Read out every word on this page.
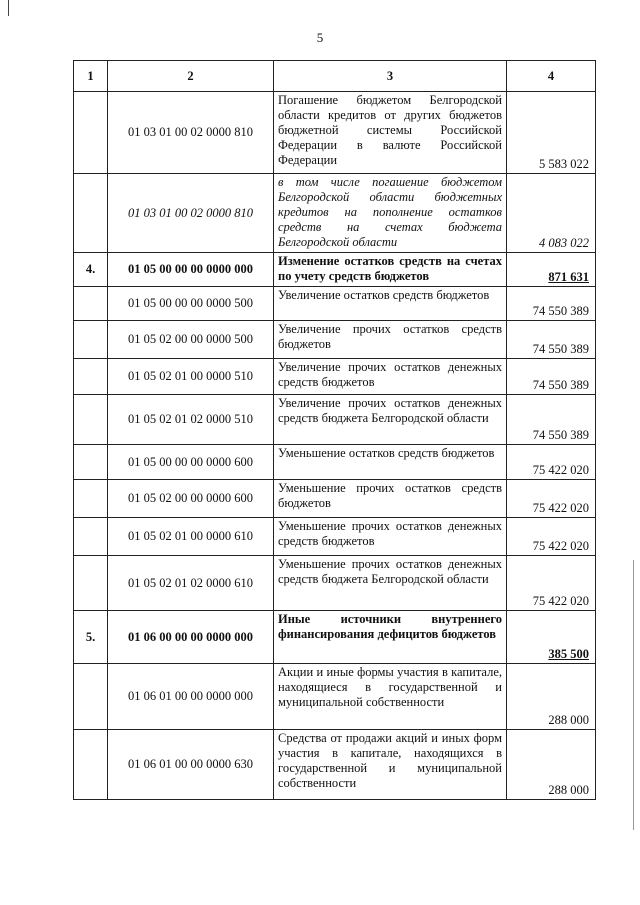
5
1	2	3	4
	01 03 01 00 02 0000 810	Погашение бюджетом Белгородской области кредитов от других бюджетов бюджетной системы Российской Федерации в валюте Российской Федерации	5 583 022
	01 03 01 00 02 0000 810	в том числе погашение бюджетом Белгородской области бюджетных кредитов на пополнение остатков средств на счетах бюджета Белгородской области	4 083 022
4.	01 05 00 00 00 0000 000	Изменение остатков средств на счетах по учету средств бюджетов	871 631
	01 05 00 00 00 0000 500	Увеличение остатков средств бюджетов	74 550 389
	01 05 02 00 00 0000 500	Увеличение прочих остатков средств бюджетов	74 550 389
	01 05 02 01 00 0000 510	Увеличение прочих остатков денежных средств бюджетов	74 550 389
	01 05 02 01 02 0000 510	Увеличение прочих остатков денежных средств бюджета Белгородской области	74 550 389
	01 05 00 00 00 0000 600	Уменьшение остатков средств бюджетов	75 422 020
	01 05 02 00 00 0000 600	Уменьшение прочих остатков средств бюджетов	75 422 020
	01 05 02 01 00 0000 610	Уменьшение прочих остатков денежных средств бюджетов	75 422 020
	01 05 02 01 02 0000 610	Уменьшение прочих остатков денежных средств бюджета Белгородской области	75 422 020
5.	01 06 00 00 00 0000 000	Иные источники внутреннего финансирования дефицитов бюджетов	385 500
	01 06 01 00 00 0000 000	Акции и иные формы участия в капитале, находящиеся в государственной и муниципальной собственности	288 000
	01 06 01 00 00 0000 630	Средства от продажи акций и иных форм участия в капитале, находящихся в государственной и муниципальной собственности	288 000
